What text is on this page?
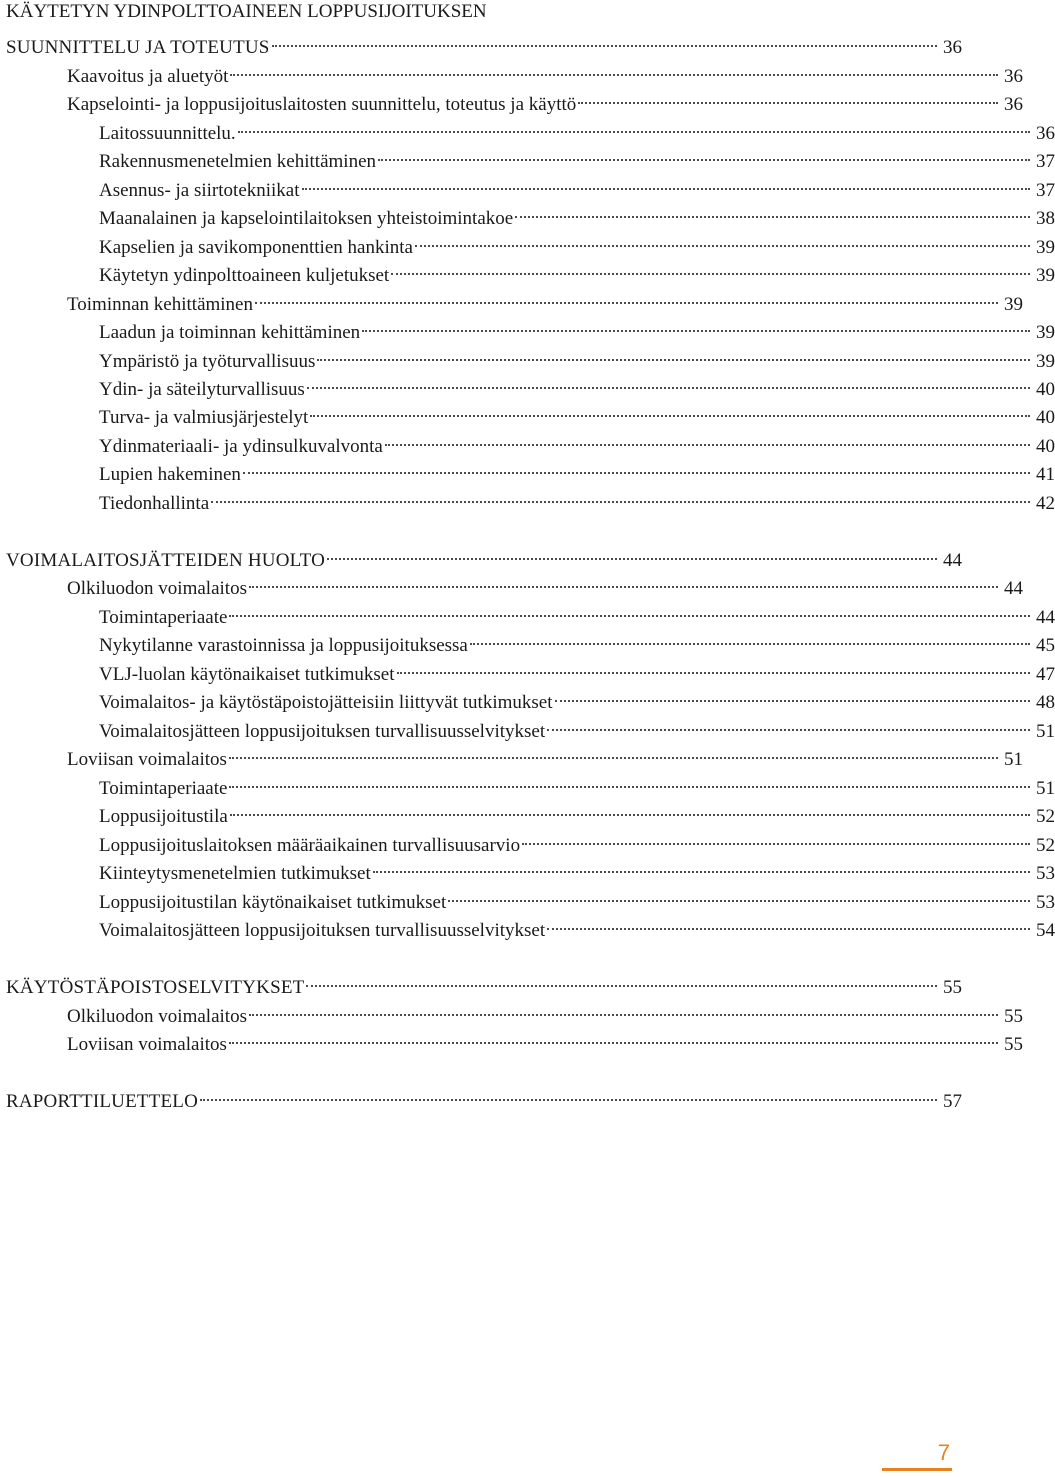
KÄYTETYN YDINPOLTTOAINEEN LOPPUSIJOITUKSEN
SUUNNITTELU JA TOTEUTUS	36
Kaavoitus ja aluetyöt	36
Kapselointi- ja loppusijoituslaitosten suunnittelu, toteutus ja käyttö	36
Laitossuunnittelu.	36
Rakennusmenetelmien kehittäminen	37
Asennus- ja siirtotekniikat	37
Maanalainen ja kapselointilaitoksen yhteistoimintakoe	38
Kapselien ja savikomponenttien hankinta	39
Käytetyn ydinpolttoaineen kuljetukset	39
Toiminnan kehittäminen	39
Laadun ja toiminnan kehittäminen	39
Ympäristö ja työturvallisuus	39
Ydin- ja säteilyturvallisuus	40
Turva- ja valmiusjärjestelyt	40
Ydinmateriaali- ja ydinsulkuvalvonta	40
Lupien hakeminen	41
Tiedonhallinta	42
VOIMALAITOSJÄTTEIDEN HUOLTO	44
Olkiluodon voimalaitos	44
Toimintaperiaate	44
Nykytilanne varastoinnissa ja loppusijoituksessa	45
VLJ-luolan käytönaikaiset tutkimukset	47
Voimalaitos- ja käytöstäpoistojätteisiin liittyvät tutkimukset	48
Voimalaitosjätteen loppusijoituksen turvallisuusselvitykset	51
Loviisan voimalaitos	51
Toimintaperiaate	51
Loppusijoitustila	52
Loppusijoituslaitoksen määräaikainen turvallisuusarvio	52
Kiinteytysmenetelmien tutkimukset	53
Loppusijoitustilan käytönaikaiset tutkimukset	53
Voimalaitosjätteen loppusijoituksen turvallisuusselvitykset	54
KÄYTÖSTÄPOISTOSELVITYKSET	55
Olkiluodon voimalaitos	55
Loviisan voimalaitos	55
RAPORTTILUETTELO	57
7
